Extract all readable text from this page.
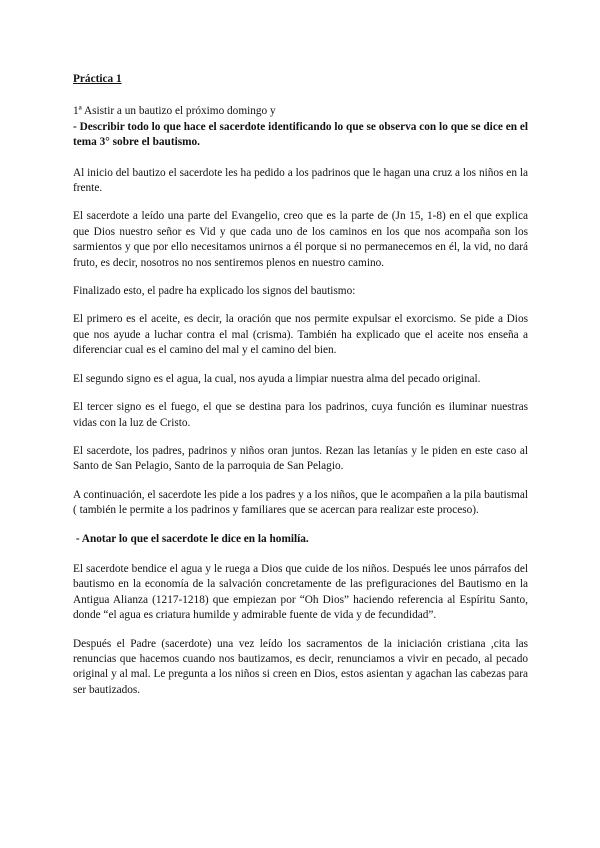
Práctica 1
1ª Asistir a un bautizo el próximo domingo y
- Describir todo lo que hace el sacerdote identificando lo que se observa con lo que se dice en el tema 3° sobre el bautismo.

Al inicio del bautizo el sacerdote les ha pedido a los padrinos que le hagan una cruz a los niños en la frente.

El sacerdote a leído una parte del Evangelio, creo que es la parte de (Jn 15, 1-8) en el que explica que Dios nuestro señor es Vid y que cada uno de los caminos en los que nos acompaña son los sarmientos y que por ello necesitamos unirnos a él porque si no permanecemos en él, la vid, no dará fruto, es decir, nosotros no nos sentiremos plenos en nuestro camino.

Finalizado esto, el padre ha explicado los signos del bautismo:

El primero es el aceite, es decir, la oración que nos permite expulsar el exorcismo. Se pide a Dios que nos ayude a luchar contra el mal (crisma). También ha explicado que el aceite nos enseña a diferenciar cual es el camino del mal y el camino del bien.

El segundo signo es el agua, la cual, nos ayuda a limpiar nuestra alma del pecado original.

El tercer signo es el fuego, el que se destina para los padrinos, cuya función es iluminar nuestras vidas con la luz de Cristo.

El sacerdote, los padres, padrinos y niños oran juntos. Rezan las letanías y le piden en este caso al Santo de San Pelagio, Santo de la parroquia de San Pelagio.

A continuación, el sacerdote les pide a los padres y a los niños, que le acompañen a la pila bautismal ( también le permite a los padrinos y familiares que se acercan para realizar este proceso).

- Anotar lo que el sacerdote le dice en la homilía.

El sacerdote bendice el agua y le ruega a Dios que cuide de los niños. Después lee unos párrafos del bautismo en la economía de la salvación concretamente de las prefiguraciones del Bautismo en la Antigua Alianza (1217-1218) que empiezan por “Oh Dios” haciendo referencia al Espíritu Santo, donde “el agua es criatura humilde y admirable fuente de vida y de fecundidad”.

Después el Padre (sacerdote) una vez leído los sacramentos de la iniciación cristiana ,cita las renuncias que hacemos cuando nos bautizamos, es decir, renunciamos a vivir en pecado, al pecado original y al mal. Le pregunta a los niños si creen en Dios, estos asientan y agachan las cabezas para ser bautizados.
